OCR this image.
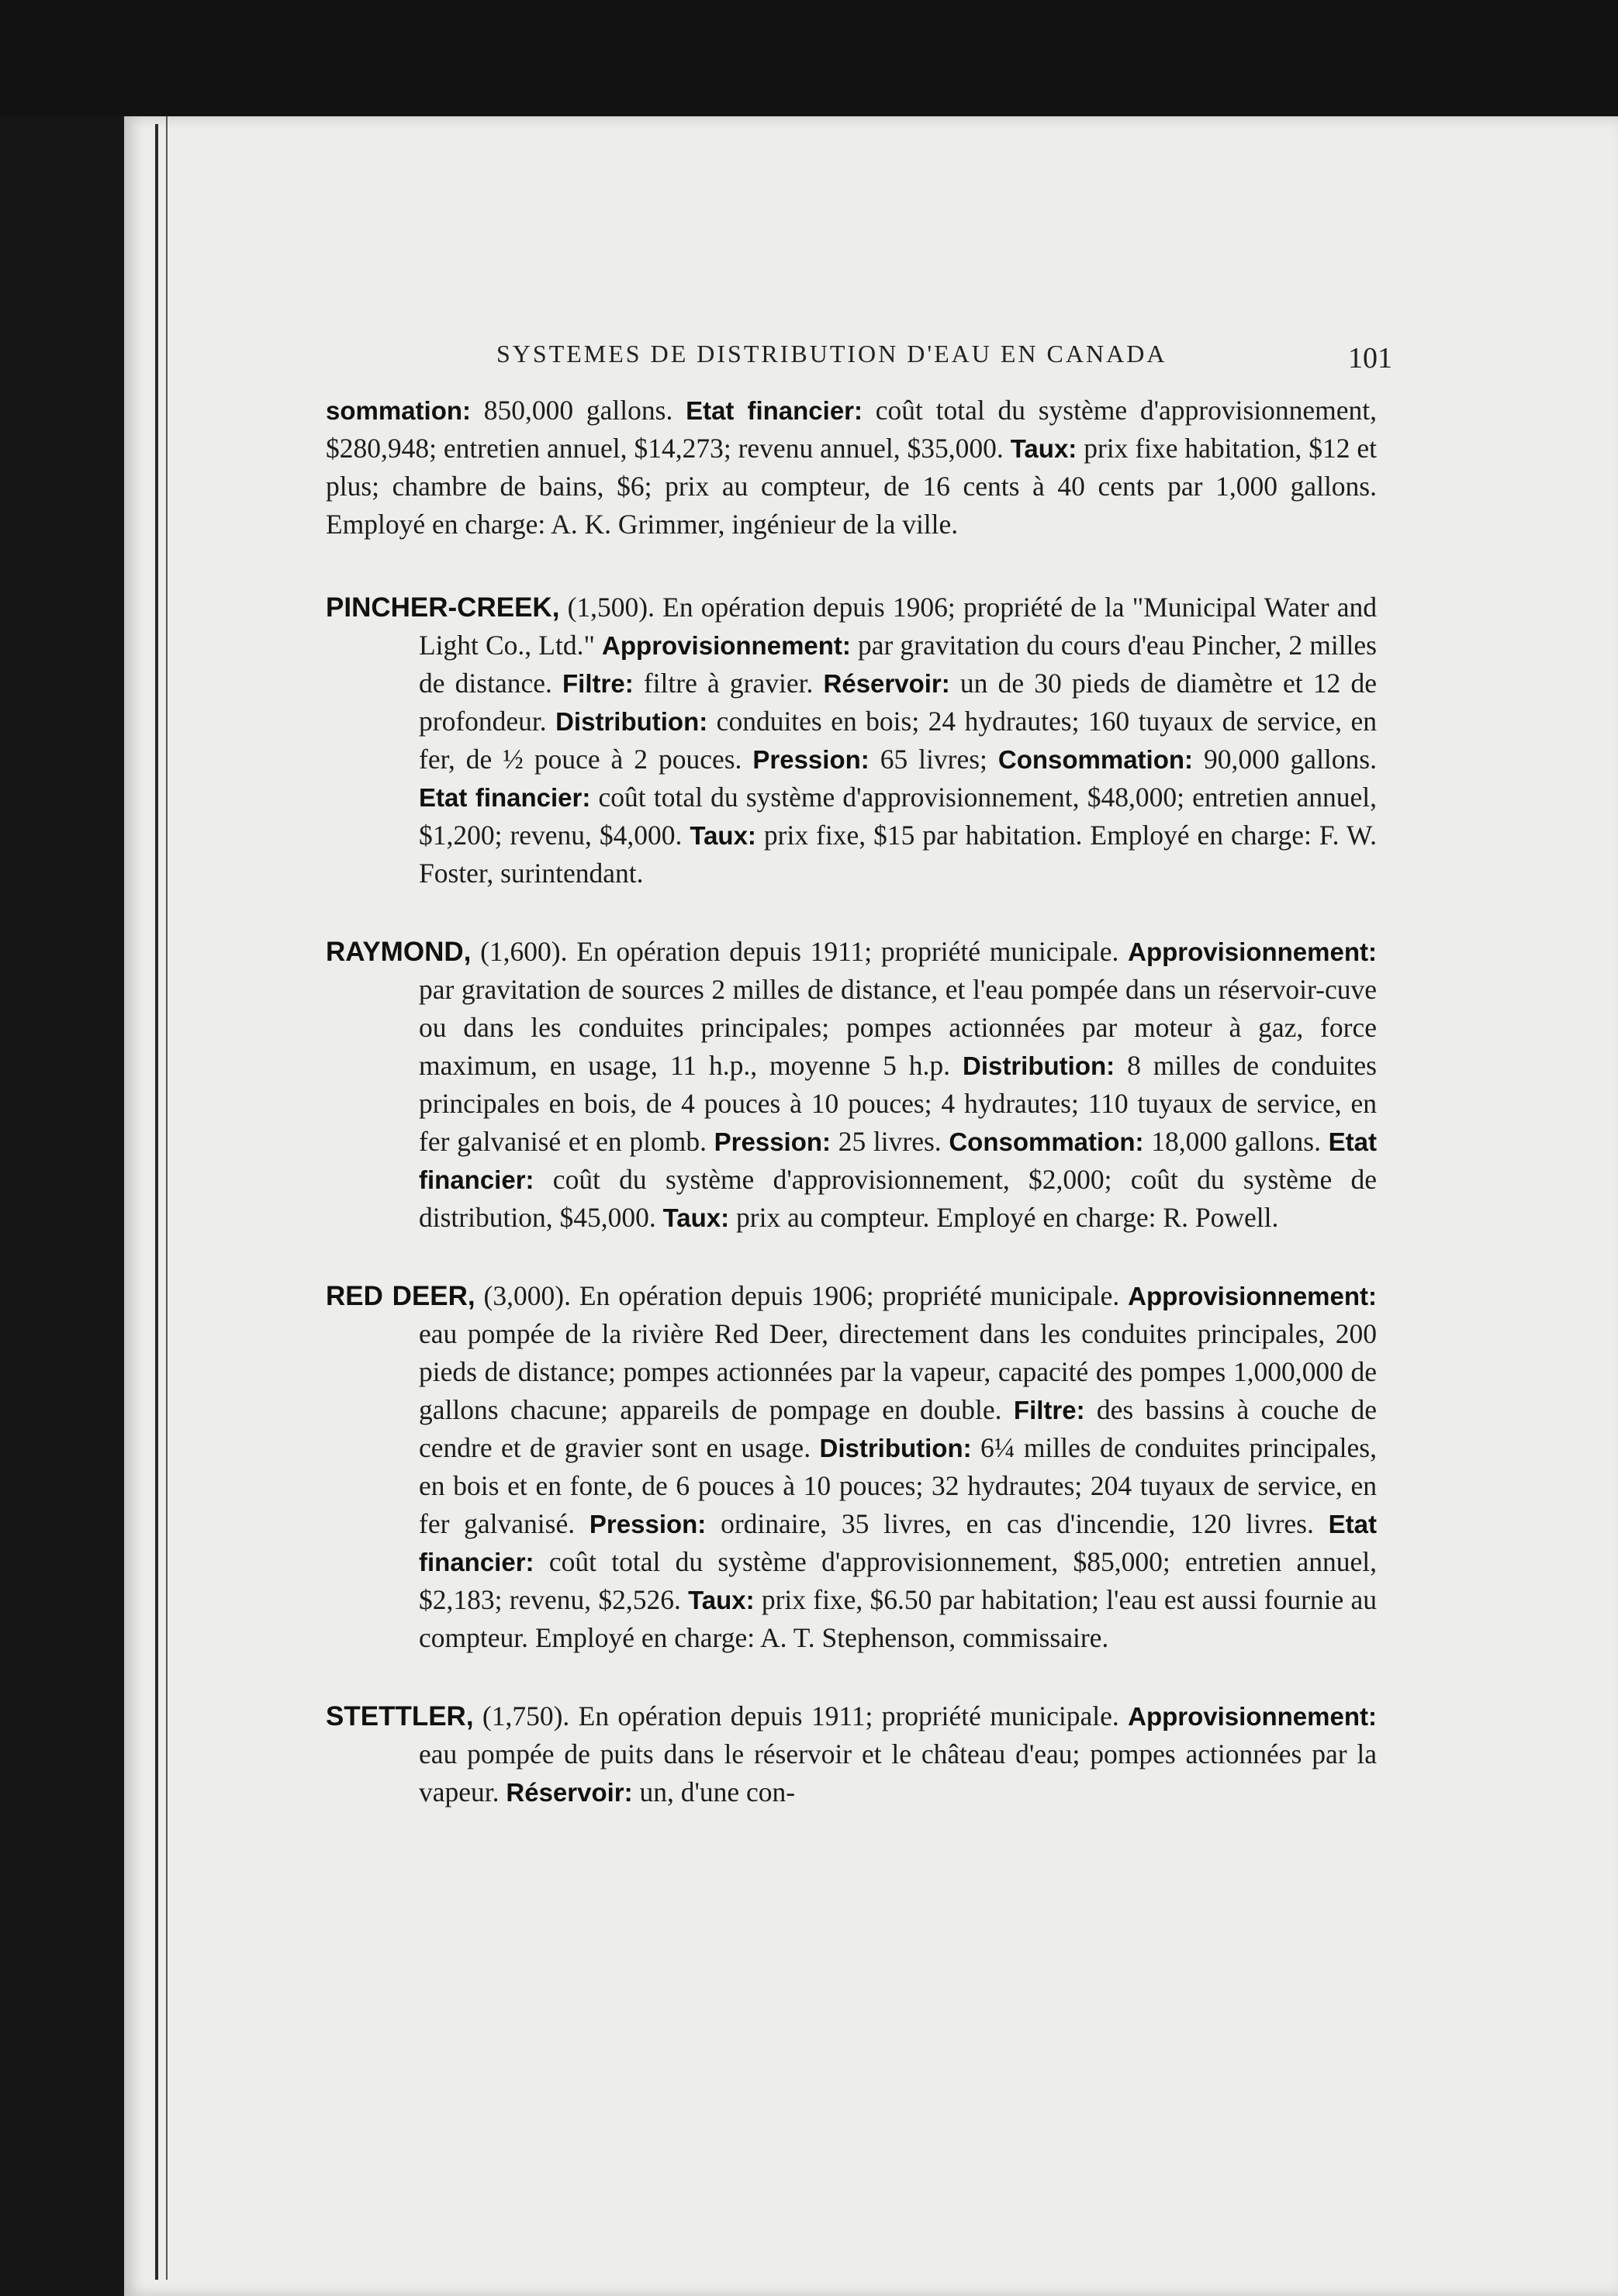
SYSTEMES DE DISTRIBUTION D'EAU EN CANADA	101

sommation: 850,000 gallons. Etat financier: coût total du système d'approvisionnement, $280,948; entretien annuel, $14,273; revenu annuel, $35,000. Taux: prix fixe habitation, $12 et plus; chambre de bains, $6; prix au compteur, de 16 cents à 40 cents par 1,000 gallons. Employé en charge: A. K. Grimmer, ingénieur de la ville.

PINCHER-CREEK, (1,500). En opération depuis 1906; propriété de la "Municipal Water and Light Co., Ltd." Approvisionnement: par gravitation du cours d'eau Pincher, 2 milles de distance. Filtre: filtre à gravier. Réservoir: un de 30 pieds de diamètre et 12 de profondeur. Distribution: conduites en bois; 24 hydrautes; 160 tuyaux de service, en fer, de ½ pouce à 2 pouces. Pression: 65 livres; Consommation: 90,000 gallons. Etat financier: coût total du système d'approvisionnement, $48,000; entretien annuel, $1,200; revenu, $4,000. Taux: prix fixe, $15 par habitation. Employé en charge: F. W. Foster, surintendant.

RAYMOND, (1,600). En opération depuis 1911; propriété municipale. Approvisionnement: par gravitation de sources 2 milles de distance, et l'eau pompée dans un réservoir-cuve ou dans les conduites principales; pompes actionnées par moteur à gaz, force maximum, en usage, 11 h.p., moyenne 5 h.p. Distribution: 8 milles de conduites principales en bois, de 4 pouces à 10 pouces; 4 hydrautes; 110 tuyaux de service, en fer galvanisé et en plomb. Pression: 25 livres. Consommation: 18,000 gallons. Etat financier: coût du système d'approvisionnement, $2,000; coût du système de distribution, $45,000. Taux: prix au compteur. Employé en charge: R. Powell.

RED DEER, (3,000). En opération depuis 1906; propriété municipale. Approvisionnement: eau pompée de la rivière Red Deer, directement dans les conduites principales, 200 pieds de distance; pompes actionnées par la vapeur, capacité des pompes 1,000,000 de gallons chacune; appareils de pompage en double. Filtre: des bassins à couche de cendre et de gravier sont en usage. Distribution: 6¼ milles de conduites principales, en bois et en fonte, de 6 pouces à 10 pouces; 32 hydrautes; 204 tuyaux de service, en fer galvanisé. Pression: ordinaire, 35 livres, en cas d'incendie, 120 livres. Etat financier: coût total du système d'approvisionnement, $85,000; entretien annuel, $2,183; revenu, $2,526. Taux: prix fixe, $6.50 par habitation; l'eau est aussi fournie au compteur. Employé en charge: A. T. Stephenson, commissaire.

STETTLER, (1,750). En opération depuis 1911; propriété municipale. Approvisionnement: eau pompée de puits dans le réservoir et le château d'eau; pompes actionnées par la vapeur. Réservoir: un, d'une con-
